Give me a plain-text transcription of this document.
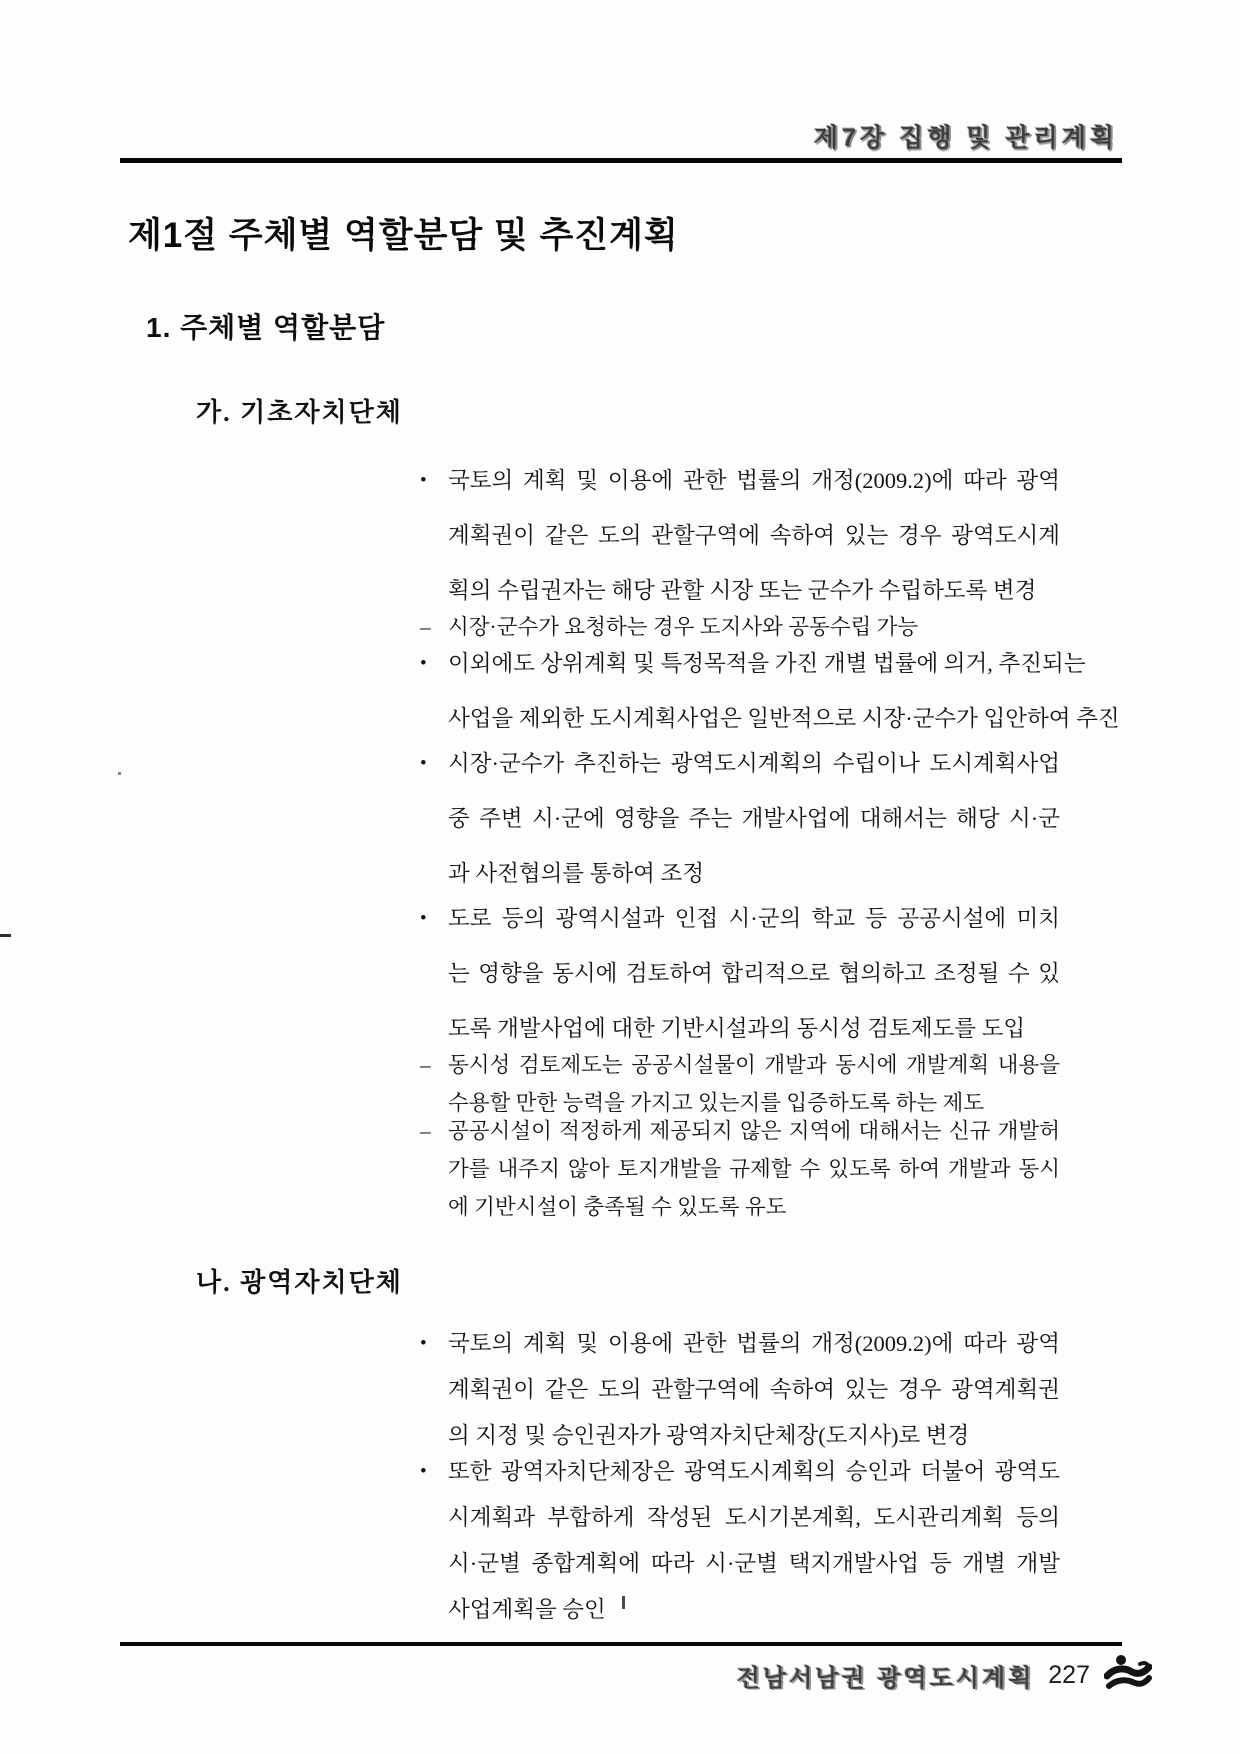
제7장 집행 및 관리계획
제1절 주체별 역할분담 및 추진계획
1. 주체별 역할분담
가. 기초자치단체
• 국토의 계획 및 이용에 관한 법률의 개정(2009.2)에 따라 광역
계획권이 같은 도의 관할구역에 속하여 있는 경우 광역도시계
획의 수립권자는 해당 관할 시장 또는 군수가 수립하도록 변경
– 시장·군수가 요청하는 경우 도지사와 공동수립 가능
• 이외에도 상위계획 및 특정목적을 가진 개별 법률에 의거, 추진되는
사업을 제외한 도시계획사업은 일반적으로 시장·군수가 입안하여 추진
• 시장·군수가 추진하는 광역도시계획의 수립이나 도시계획사업
중 주변 시·군에 영향을 주는 개발사업에 대해서는 해당 시·군
과 사전협의를 통하여 조정
• 도로 등의 광역시설과 인접 시·군의 학교 등 공공시설에 미치
는 영향을 동시에 검토하여 합리적으로 협의하고 조정될 수 있
도록 개발사업에 대한 기반시설과의 동시성 검토제도를 도입
– 동시성 검토제도는 공공시설물이 개발과 동시에 개발계획 내용을
수용할 만한 능력을 가지고 있는지를 입증하도록 하는 제도
– 공공시설이 적정하게 제공되지 않은 지역에 대해서는 신규 개발허
가를 내주지 않아 토지개발을 규제할 수 있도록 하여 개발과 동시
에 기반시설이 충족될 수 있도록 유도
나. 광역자치단체
• 국토의 계획 및 이용에 관한 법률의 개정(2009.2)에 따라 광역
계획권이 같은 도의 관할구역에 속하여 있는 경우 광역계획권
의 지정 및 승인권자가 광역자치단체장(도지사)로 변경
• 또한 광역자치단체장은 광역도시계획의 승인과 더불어 광역도
시계획과 부합하게 작성된 도시기본계획, 도시관리계획 등의
시·군별 종합계획에 따라 시·군별 택지개발사업 등 개별 개발
사업계획을 승인
전남서남권 광역도시계획 227
